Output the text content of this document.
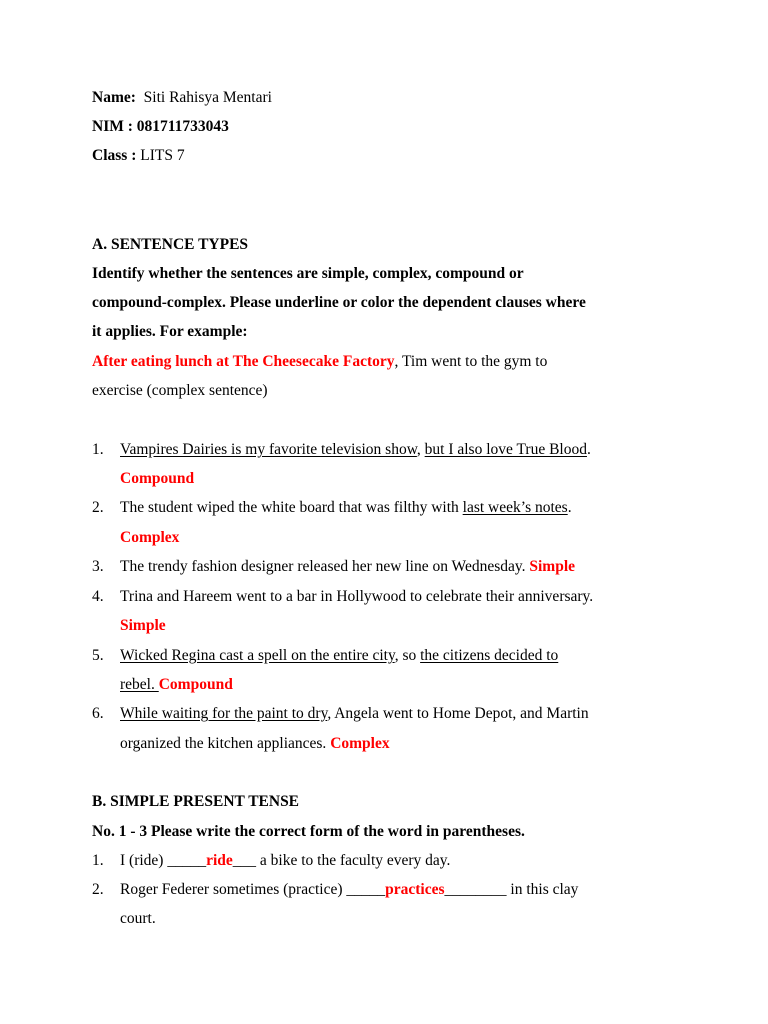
Name: Siti Rahisya Mentari
NIM : 081711733043
Class : LITS 7
A. SENTENCE TYPES
Identify whether the sentences are simple, complex, compound or
compound-complex. Please underline or color the dependent clauses where
it applies. For example:
After eating lunch at The Cheesecake Factory, Tim went to the gym to
exercise (complex sentence)
1. Vampires Dairies is my favorite television show, but I also love True Blood.
Compound
2. The student wiped the white board that was filthy with last week’s notes.
Complex
3. The trendy fashion designer released her new line on Wednesday. Simple
4. Trina and Hareem went to a bar in Hollywood to celebrate their anniversary.
Simple
5. Wicked Regina cast a spell on the entire city, so the citizens decided to
rebel. Compound
6. While waiting for the paint to dry, Angela went to Home Depot, and Martin
organized the kitchen appliances. Complex
B. SIMPLE PRESENT TENSE
No. 1 - 3 Please write the correct form of the word in parentheses.
1. I (ride) _____ride___ a bike to the faculty every day.
2. Roger Federer sometimes (practice) _____practices________ in this clay
court.
